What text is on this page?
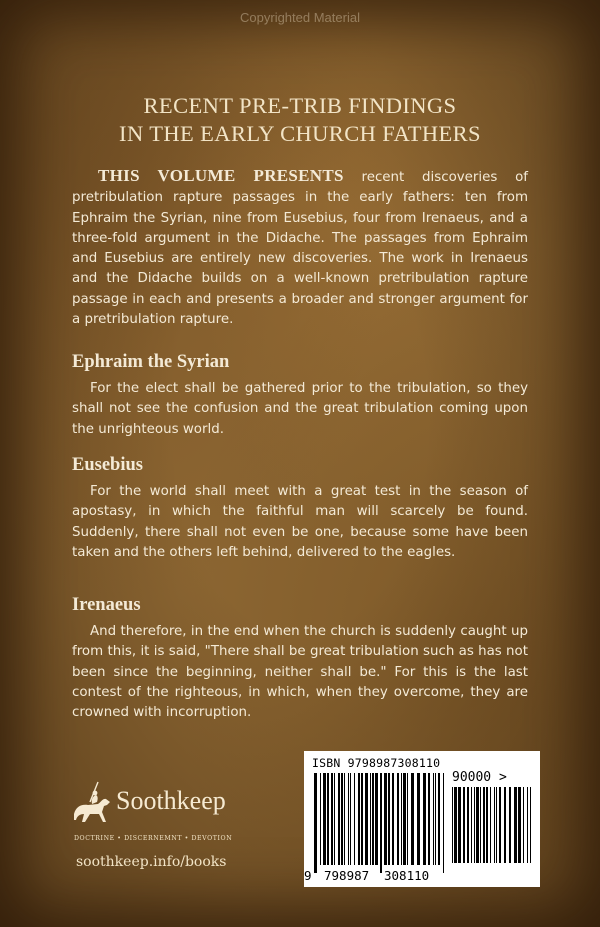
Copyrighted Material
RECENT PRE-TRIB FINDINGS
IN THE EARLY CHURCH FATHERS

THIS VOLUME PRESENTS recent discoveries of pretribulation rapture passages in the early fathers: ten from Ephraim the Syrian, nine from Eusebius, four from Irenaeus, and a three-fold argument in the Didache. The passages from Ephraim and Eusebius are entirely new discoveries. The work in Irenaeus and the Didache builds on a well-known pretribulation rapture passage in each and presents a broader and stronger argument for a pretribulation rapture.

Ephraim the Syrian

For the elect shall be gathered prior to the tribulation, so they shall not see the confusion and the great tribulation coming upon the unrighteous world.

Eusebius

For the world shall meet with a great test in the season of apostasy, in which the faithful man will scarcely be found. Suddenly, there shall not even be one, because some have been taken and the others left behind, delivered to the eagles.

Irenaeus

And therefore, in the end when the church is suddenly caught up from this, it is said, "There shall be great tribulation such as has not been since the beginning, neither shall be." For this is the last contest of the righteous, in which, when they overcome, they are crowned with incorruption.

Soothkeep
DOCTRINE • DISCERNEMNT • DEVOTION
soothkeep.info/books
ISBN 9798987308110
90000 >
9 798987 308110
